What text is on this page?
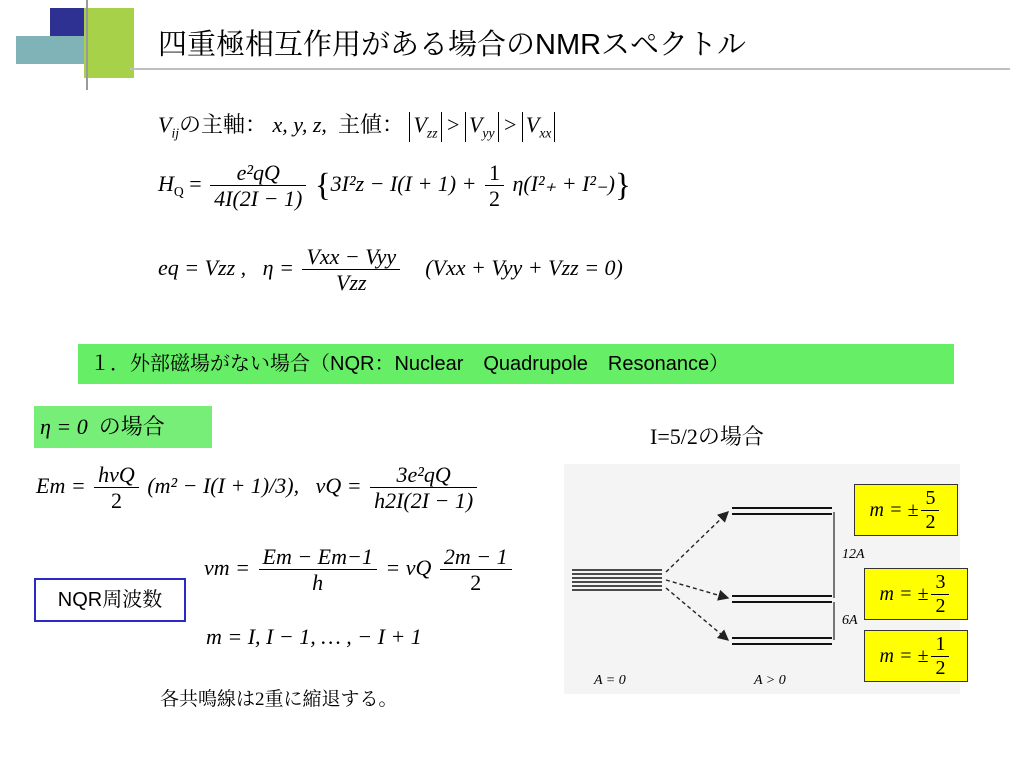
四重極相互作用がある場合のNMRスペクトル
$V_{ij}$の主軸： x, y, z, 主値： $V_{zz} > V_{yy} > V_{xx}$
$H_Q = \frac{\text{e²qQ}}{4I(2I - 1)} \{3I^2z - I(I + 1) + \frac{1}{2} \eta(I^2_+ + I^2_-)\}$
eq = Vzz , $\eta = \frac{\text{Vxx − Vyy}}{\text{Vzz}} (Vxx$ + Vyy + Vzz = 0)
１．外部磁場がない場合（NQR：Nuclear　Quadrupole　Resonance）
η = 0 の場合	I=5/2の場合
$Em = \frac{\text{hνQ}}{2} (m^2 - I(I + 1)/3)$, $\nu Q = \frac{\text{3e²qQ}}{h2I(2I - 1)}$
NQR周波数
$\nu m = \frac{Em - Em-1}{h} = \nu Q \frac{2m - 1}{2}$
m = I, I − 1, … , − I + 1
各共鳴線は2重に縮退する。
12A
6A
A = 0	A > 0
m = ± $\frac{5}{2}$
m = ± $\frac{3}{2}$
m = ± $\frac{1}{2}$
